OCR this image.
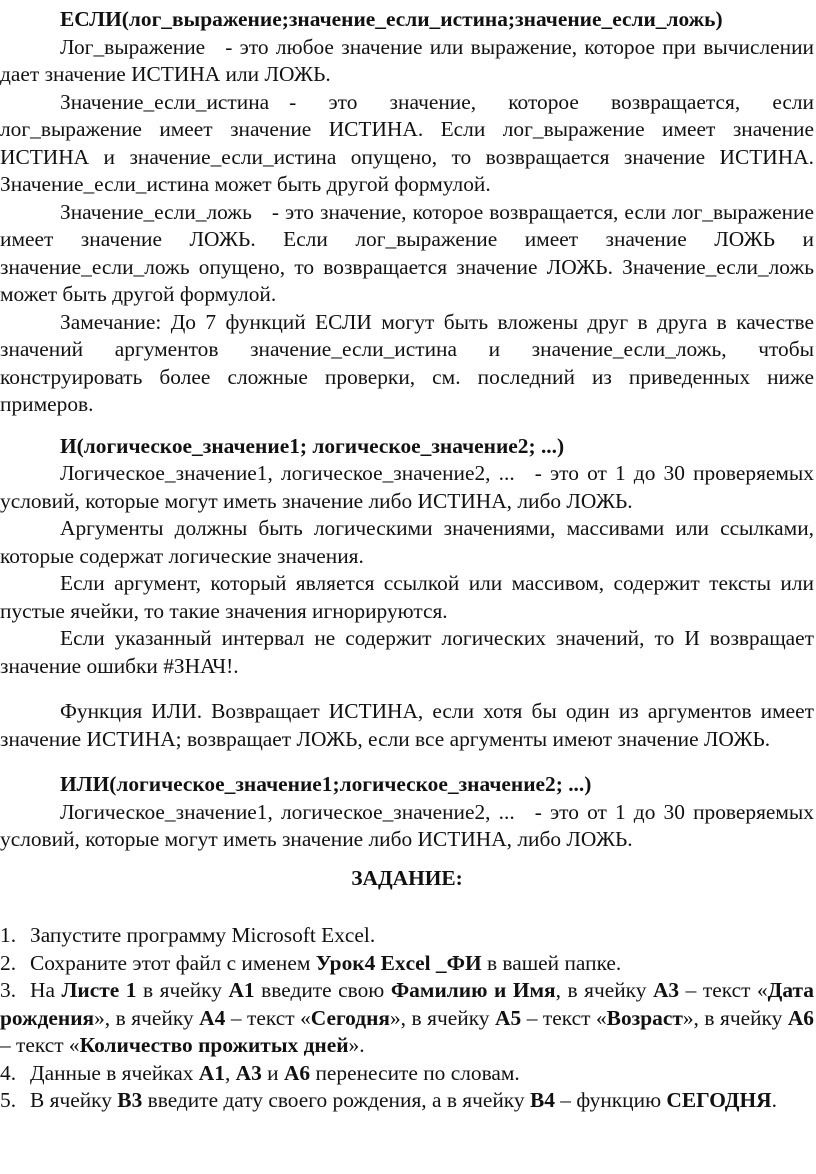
ЕСЛИ(лог_выражение;значение_если_истина;значение_если_ложь)

Лог_выражение - это любое значение или выражение, которое при вычислении дает значение ИСТИНА или ЛОЖЬ.

Значение_если_истина - это значение, которое возвращается, если лог_выражение имеет значение ИСТИНА. Если лог_выражение имеет значение ИСТИНА и значение_если_истина опущено, то возвращается значение ИСТИНА. Значение_если_истина может быть другой формулой.

Значение_если_ложь - это значение, которое возвращается, если лог_выражение имеет значение ЛОЖЬ. Если лог_выражение имеет значение ЛОЖЬ и значение_если_ложь опущено, то возвращается значение ЛОЖЬ. Значение_если_ложь может быть другой формулой.

Замечание: До 7 функций ЕСЛИ могут быть вложены друг в друга в качестве значений аргументов значение_если_истина и значение_если_ложь, чтобы конструировать более сложные проверки, см. последний из приведенных ниже примеров.

И(логическое_значение1; логическое_значение2; ...)

Логическое_значение1, логическое_значение2, ... - это от 1 до 30 проверяемых условий, которые могут иметь значение либо ИСТИНА, либо ЛОЖЬ.

Аргументы должны быть логическими значениями, массивами или ссылками, которые содержат логические значения.

Если аргумент, который является ссылкой или массивом, содержит тексты или пустые ячейки, то такие значения игнорируются.

Если указанный интервал не содержит логических значений, то И возвращает значение ошибки #ЗНАЧ!.

Функция ИЛИ. Возвращает ИСТИНА, если хотя бы один из аргументов имеет значение ИСТИНА; возвращает ЛОЖЬ, если все аргументы имеют значение ЛОЖЬ.

ИЛИ(логическое_значение1;логическое_значение2; ...)

Логическое_значение1, логическое_значение2, ... - это от 1 до 30 проверяемых условий, которые могут иметь значение либо ИСТИНА, либо ЛОЖЬ.

ЗАДАНИЕ:

1. Запустите программу Microsoft Excel.

2. Сохраните этот файл с именем Урок4 Excel _ФИ в вашей папке.

3. На Листе 1 в ячейку А1 введите свою Фамилию и Имя, в ячейку А3 – текст «Дата рождения», в ячейку А4 – текст «Сегодня», в ячейку А5 – текст «Возраст», в ячейку А6 – текст «Количество прожитых дней».

4. Данные в ячейках А1, А3 и А6 перенесите по словам.

5. В ячейку В3 введите дату своего рождения, а в ячейку В4 – функцию СЕГОДНЯ.
